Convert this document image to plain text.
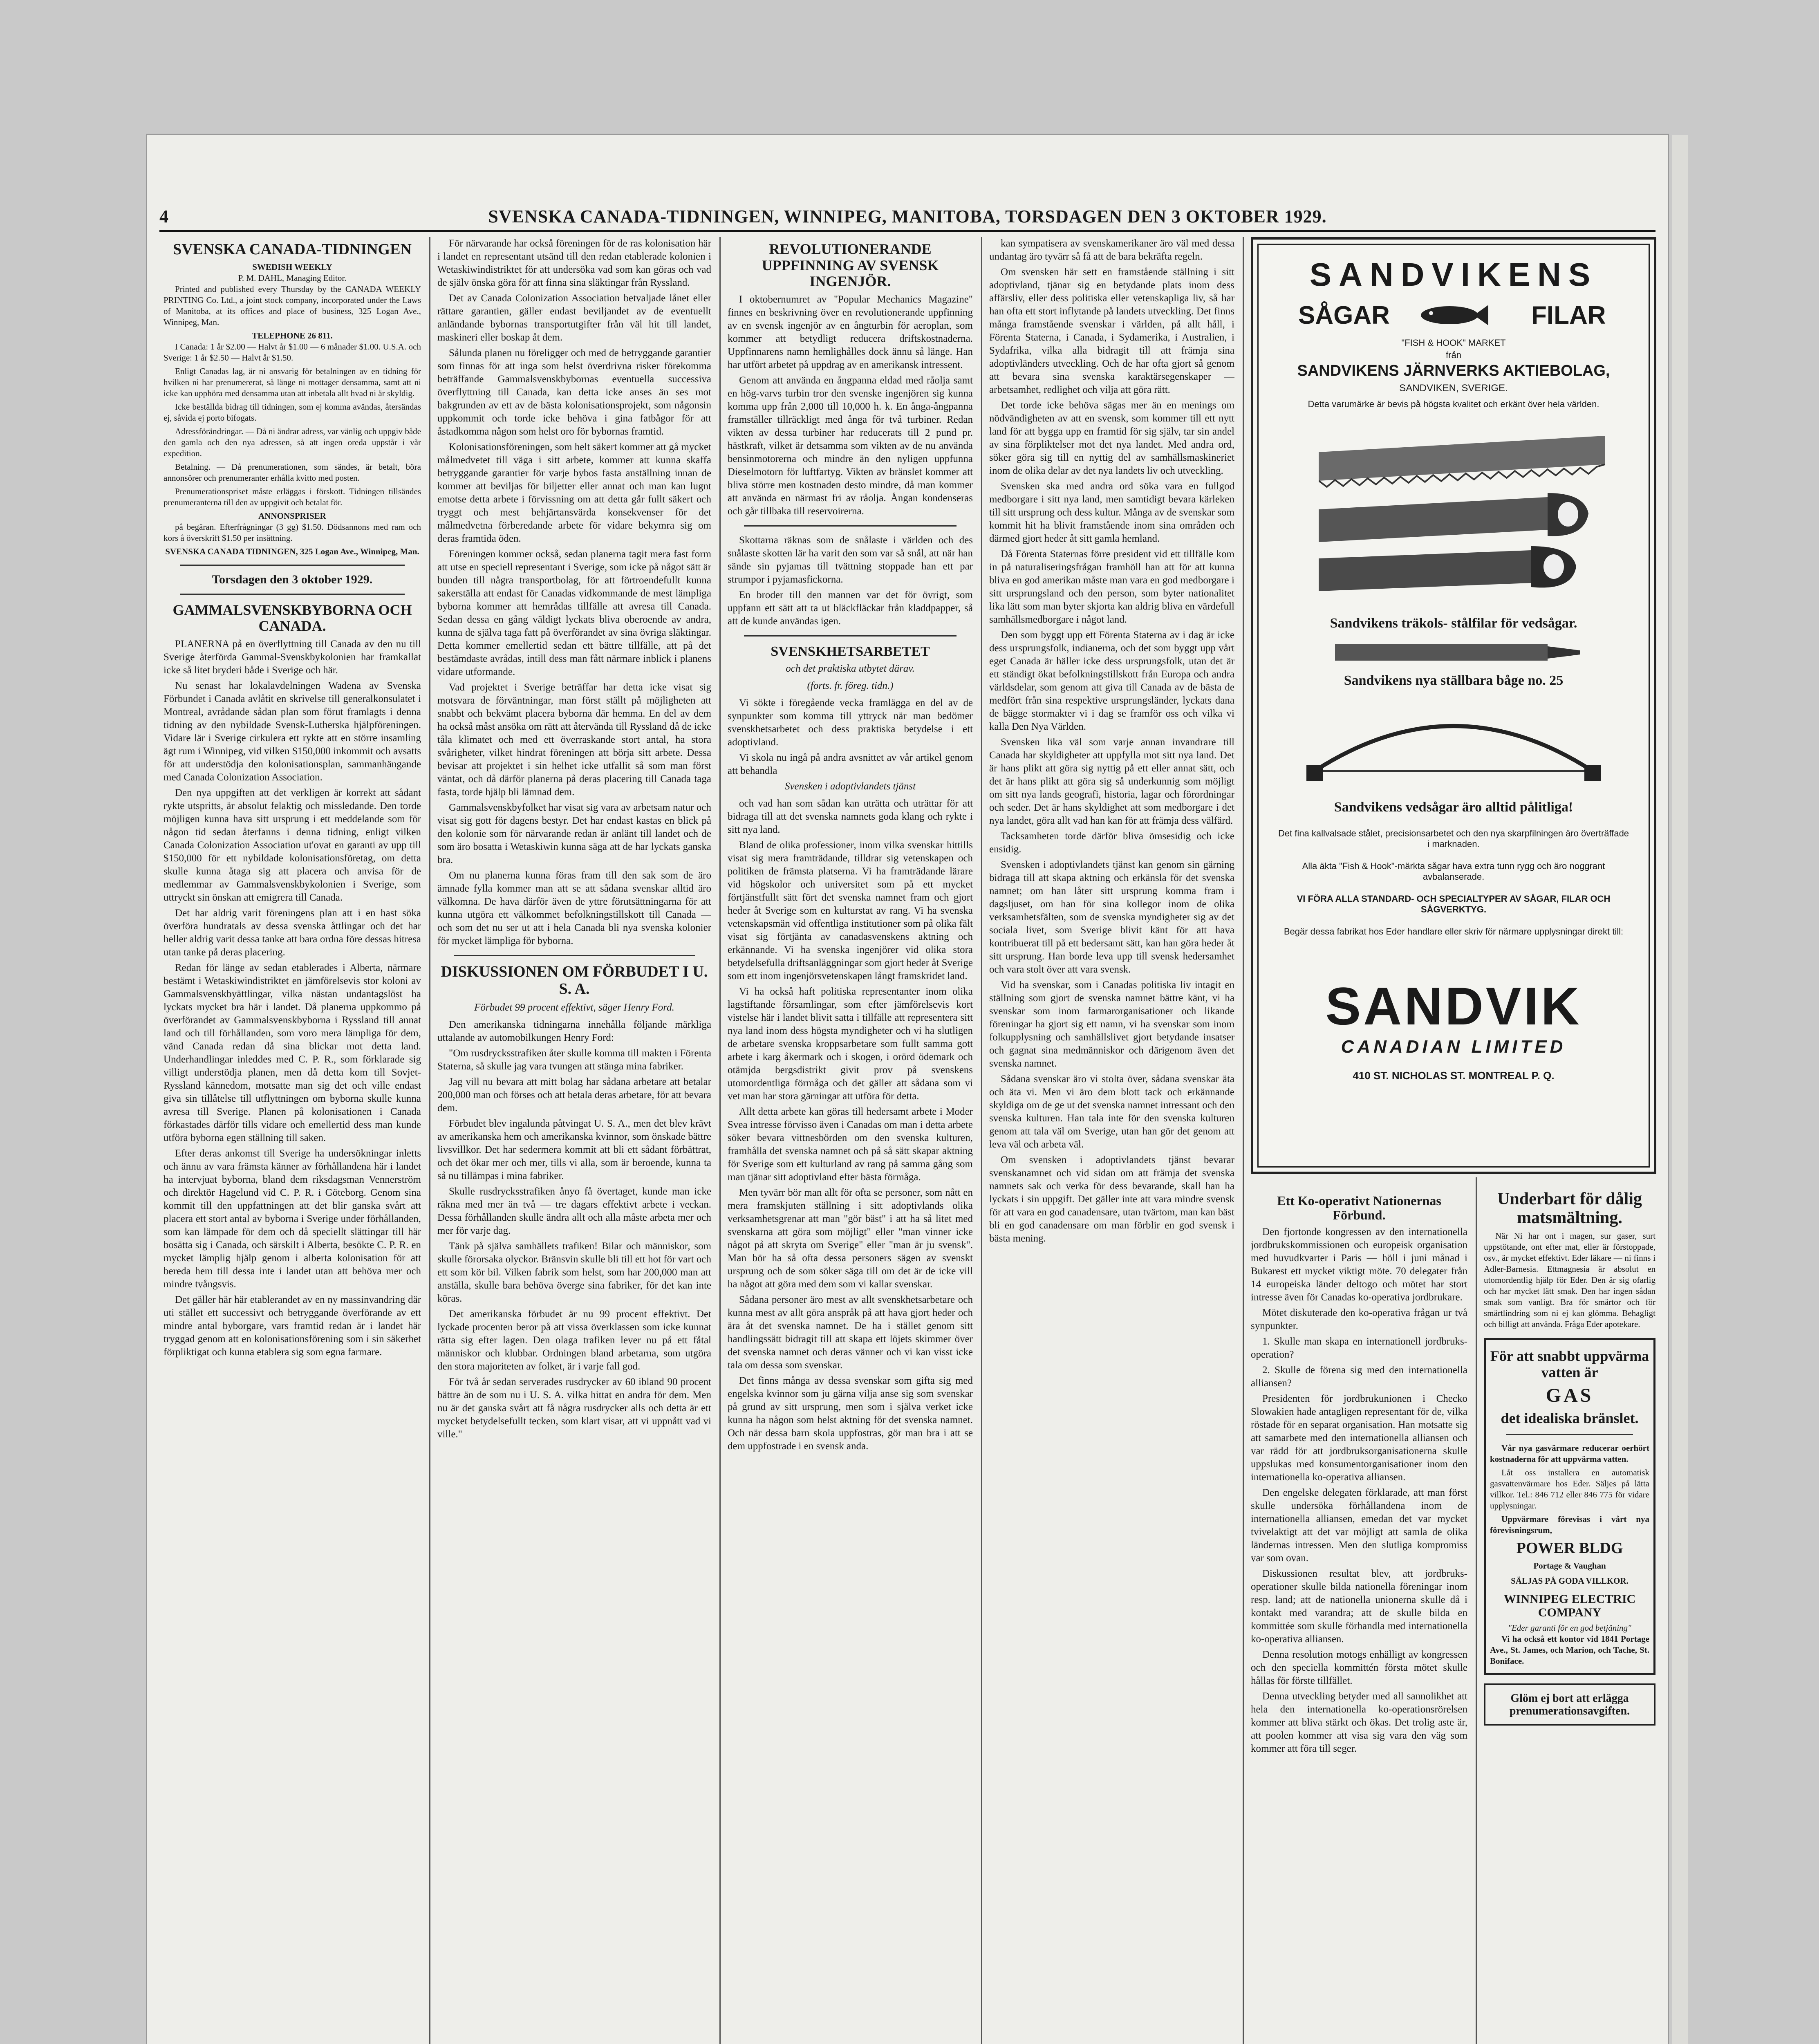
4	SVENSKA CANADA-TIDNINGEN, WINNIPEG, MANITOBA, TORSDAGEN DEN 3 OKTOBER 1929.
SVENSKA CANADA-TIDNINGEN
SWEDISH WEEKLY
P. M. DAHL, Managing Editor.

Printed and published every Thursday by the CANADA WEEKLY PRINTING Co. Ltd., a joint stock company, incorporated under the Laws of Manitoba, at its offices and place of business, 325 Logan Ave., Winnipeg, Man.

TELEPHONE 26 811.

I Canada: 1 år $2.00 — Halvt år $1.00 — 6 månader $1.00. U.S.A. och Sverige: 1 år $2.50 — Halvt år $1.50.

Enligt Canadas lag, är ni ansvarig för betalningen av en tidning för hvilken ni har prenumererat, så länge ni mottager densamma, samt att ni icke kan upphöra med densamma utan att inbetala allt hvad ni är skyldig.

Icke beställda bidrag till tidningen, som ej komma avändas, återsändas ej, såvida ej porto bifogats.

Adressförändringar. — Då ni ändrar adress, var vänlig och uppgiv både den gamla och den nya adressen, så att ingen oreda uppstår i vår expedition.

Betalning. — Då prenumerationen, som sändes, är betalt, böra annonsörer och prenumeranter erhålla kvitto med posten.

Prenumerationspriset måste erläggas i förskott. Tidningen tillsändes prenumeranterna till den av uppgivit och betalat för.

ANNONSPRISER

på begäran. Efterfrågningar (3 gg) $1.50. Dödsannons med ram och kors å överskrift $1.50 per insättning.

SVENSKA CANADA TIDNINGEN, 325 Logan Ave., Winnipeg, Man.
Torsdagen den 3 oktober 1929.
GAMMALSVENSKBYBORNA OCH CANADA.

PLANERNA på en överflyttning till Canada av den nu till Sverige återförda Gammal-Svenskbykolonien har framkallat icke så litet bryderi både i Sverige och här.

Nu senast har lokalavdelningen Wadena av Svenska Förbundet i Canada avlåtit en skrivelse till generalkonsulatet i Montreal, avrådande sådan plan som förut framlagts i denna tidning av den nybildade Svensk-Lutherska hjälpföreningen. Vidare lär i Sverige cirkulera ett rykte att en större insamling ägt rum i Winnipeg, vid vilken $150,000 inkommit och avsatts för att understödja den kolonisationsplan, sammanhängande med Canada Colonization Association.

Den nya uppgiften att det verkligen är korrekt att sådant rykte utspritts, är absolut felaktig och missledande. Den torde möjligen kunna hava sitt ursprung i ett meddelande som för någon tid sedan återfanns i denna tidning, enligt vilken Canada Colonization Association ut'ovat en garanti av upp till $150,000 för ett nybildade kolonisationsföretag, om detta skulle kunna åtaga sig att placera och anvisa för de medlemmar av Gammalsvenskbykolonien i Sverige, som uttryckt sin önskan att emigrera till Canada.

Det har aldrig varit föreningens plan att i en hast söka överföra hundratals av dessa svenska åttlingar och det har heller aldrig varit dessa tanke att bara ordna före dessas hitresa utan tanke på deras placering.

Redan för länge av sedan etablerades i Alberta, närmare bestämt i Wetaskiwindistriktet en jämförelsevis stor koloni av Gammalsvenskbyättlingar, vilka nästan undantagslöst ha lyckats mycket bra här i landet. Då planerna uppkommo på överförandet av Gammalsvenskbyborna i Ryssland till annat land och till förhållanden, som voro mera lämpliga för dem, vänd Canada redan då sina blickar mot detta land. Underhandlingar inleddes med C. P. R., som förklarade sig villigt understödja planen, men då detta kom till Sovjet-Ryssland kännedom, motsatte man sig det och ville endast giva sin tillåtelse till utflyttningen om byborna skulle kunna avresa till Sverige. Planen på kolonisationen i Canada förkastades därför tills vidare och emellertid dess man kunde utföra byborna egen ställning till saken.

Efter deras ankomst till Sverige ha undersökningar inletts och ännu av vara främsta känner av förhållandena här i landet ha intervjuat byborna, bland dem riksdagsman Vennerström och direktör Hagelund vid C. P. R. i Göteborg. Genom sina kommit till den uppfattningen att det blir ganska svårt att placera ett stort antal av byborna i Sverige under förhållanden, som kan lämpade för dem och då speciellt slättingar till här bosätta sig i Canada, och särskilt i Alberta, besökte C. P. R. en mycket lämplig hjälp genom i alberta kolonisation för att bereda hem till dessa inte i landet utan att behöva mer och mindre tvångsvis.

Det gäller här här etablerandet av en ny massinvandring där uti stället ett successivt och betryggande överförande av ett mindre antal byborgare, vars framtid redan är i landet här tryggad genom att en kolonisationsförening som i sin säkerhet förpliktigat och kunna etablera sig som egna farmare.

För närvarande har också föreningen för de ras kolonisation här i landet en representant utsänd till den redan etablerade kolonien i Wetaskiwindistriktet för att undersöka vad som kan göras och vad de själv önska göra för att finna sina släktingar från Ryssland.

Det av Canada Colonization Association betvaljade lånet eller rättare garantien, gäller endast beviljandet av de eventuellt anländande bybornas transportutgifter från väl hit till landet, maskineri eller boskap åt dem.

Sålunda planen nu föreligger och med de betryggande garantier som finnas för att inga som helst överdrivna risker förekomma beträffande Gammalsvenskbybornas eventuella successiva överflyttning till Canada, kan detta icke anses än ses mot bakgrunden av ett av de bästa kolonisationsprojekt, som någonsin uppkommit och torde icke behöva i gina fatbågor för att åstadkomma någon som helst oro för bybornas framtid.

Kolonisationsföreningen, som helt säkert kommer att gå mycket målmedvetet till väga i sitt arbete, kommer att kunna skaffa betryggande garantier för varje bybos fasta anställning innan de kommer att beviljas för biljetter eller annat och man kan lugnt emotse detta arbete i förvissning om att detta går fullt säkert och tryggt och mest behjärtansvärda konsekvenser för det målmedvetna förberedande arbete för vidare bekymra sig om deras framtida öden.

Föreningen kommer också, sedan planerna tagit mera fast form att utse en speciell representant i Sverige, som icke på något sätt är bunden till några transportbolag, för att förtroendefullt kunna sakerställa att endast för Canadas vidkommande de mest lämpliga byborna kommer att hemrådas tillfälle att avresa till Canada. Sedan dessa en gång väldigt lyckats bliva oberoende av andra, kunna de själva taga fatt på överförandet av sina övriga släktingar. Detta kommer emellertid sedan ett bättre tillfälle, att på det bestämdaste avrådas, intill dess man fått närmare inblick i planens vidare utformande.

Vad projektet i Sverige beträffar har detta icke visat sig motsvara de förväntningar, man först ställt på möjligheten att snabbt och bekvämt placera byborna där hemma. En del av dem ha också måst ansöka om rätt att återvända till Ryssland då de icke tåla klimatet och med ett överraskande stort antal, ha stora svårigheter, vilket hindrat föreningen att börja sitt arbete. Dessa bevisar att projektet i sin helhet icke utfallit så som man först väntat, och då därför planerna på deras placering till Canada taga fasta, torde hjälp bli lämnad dem.

Gammalsvenskbyfolket har visat sig vara av arbetsam natur och visat sig gott för dagens bestyr. Det har endast kastas en blick på den kolonie som för närvarande redan är anlänt till landet och de som äro bosatta i Wetaskiwin kunna säga att de har lyckats ganska bra.

Om nu planerna kunna föras fram till den sak som de äro ämnade fylla kommer man att se att sådana svenskar alltid äro välkomna. De hava därför även de yttre förutsättningarna för att kunna utgöra ett välkommet befolkningstillskott till Canada — och som det nu ser ut att i hela Canada bli nya svenska kolonier för mycket lämpliga för byborna.

DISKUSSIONEN OM FÖRBUDET I U. S. A.
Förbudet 99 procent effektivt, säger Henry Ford.

Den amerikanska tidningarna innehålla följande märkliga uttalande av automobilkungen Henry Ford:

"Om rusdrycksstrafiken åter skulle komma till makten i Förenta Staterna, så skulle jag vara tvungen att stänga mina fabriker.

Jag vill nu bevara att mitt bolag har sådana arbetare att betalar 200,000 man och förses och att betala deras arbetare, för att bevara dem.

Förbudet blev ingalunda påtvingat U. S. A., men det blev krävt av amerikanska hem och amerikanska kvinnor, som önskade bättre livsvillkor. Det har sedermera kommit att bli ett sådant förbättrat, och det ökar mer och mer, tills vi alla, som är beroende, kunna ta så nu tillämpas i mina fabriker.

Skulle rusdrycksstrafiken ånyo få övertaget, kunde man icke räkna med mer än två — tre dagars effektivt arbete i veckan. Dessa förhållanden skulle ändra allt och alla måste arbeta mer och mer för varje dag.

Tänk på själva samhällets trafiken! Bilar och människor, som skulle förorsaka olyckor. Bränsvin skulle bli till ett hot för vart och ett som kör bil. Vilken fabrik som helst, som har 200,000 man att anställa, skulle bara behöva överge sina fabriker, för det kan inte köras.

Det amerikanska förbudet är nu 99 procent effektivt. Det lyckade procenten beror på att vissa överklassen som icke kunnat rätta sig efter lagen. Den olaga trafiken lever nu på ett fåtal människor och klubbar. Ordningen bland arbetarna, som utgöra den stora majoriteten av folket, är i varje fall god.

För två år sedan serverades rusdrycker av 60 ibland 90 procent bättre än de som nu i U. S. A. vilka hittat en andra för dem. Men nu är det ganska svårt att få några rusdrycker alls och detta är ett mycket betydelsefullt tecken, som klart visar, att vi uppnått vad vi ville."

REVOLUTIONERANDE UPPFINNING AV SVENSK INGENJÖR.

I oktobernumret av "Popular Mechanics Magazine" finnes en beskrivning över en revolutionerande uppfinning av en svensk ingenjör av en ångturbin för aeroplan, som kommer att betydligt reducera driftskostnaderna. Uppfinnarens namn hemlighålles dock ännu så länge. Han har utfört arbetet på uppdrag av en amerikansk intressent.

Genom att använda en ångpanna eldad med råolja samt en hög-varvs turbin tror den svenske ingenjören sig kunna komma upp från 2,000 till 10,000 h. k. En ånga-ångpanna framställer tillräckligt med ånga för två turbiner. Redan vikten av dessa turbiner har reducerats till 2 pund pr. hästkraft, vilket är detsamma som vikten av de nu använda bensinmotorerna och mindre än den nyligen uppfunna Dieselmotorn för luftfartyg. Vikten av bränslet kommer att bliva större men kostnaden desto mindre, då man kommer att använda en närmast fri av råolja. Ångan kondenseras och går tillbaka till reservoirerna.

Skottarna räknas som de snålaste i världen och des snålaste skotten lär ha varit den som var så snål, att när han sände sin pyjamas till tvättning stoppade han ett par strumpor i pyjamasfickorna.

En broder till den mannen var det för övrigt, som uppfann ett sätt att ta ut bläckfläckar från kladdpapper, så att de kunde användas igen.

SVENSKHETSARBETET
och det praktiska utbytet därav.
(forts. fr. föreg. tidn.)

Vi sökte i föregående vecka framlägga en del av de synpunkter som komma till yttryck när man bedömer svenskhetsarbetet och dess praktiska betydelse i ett adoptivland.

Vi skola nu ingå på andra avsnittet av vår artikel genom att behandla

Svensken i adoptivlandets tjänst

och vad han som sådan kan uträtta och uträttar för att bidraga till att det svenska namnets goda klang och rykte i sitt nya land.

Bland de olika professioner, inom vilka svenskar hittills visat sig mera framträdande, tilldrar sig vetenskapen och politiken de främsta platserna. Vi ha framträdande lärare vid högskolor och universitet som på ett mycket förtjänstfullt sätt fört det svenska namnet fram och gjort heder åt Sverige som en kulturstat av rang. Vi ha svenska vetenskapsmän vid offentliga institutioner som på olika fält visat sig förtjänta av canadasvenskens aktning och erkännande. Vi ha svenska ingenjörer vid olika stora betydelsefulla driftsanläggningar som gjort heder åt Sverige som ett inom ingenjörsvetenskapen långt framskridet land.

Vi ha också haft politiska representanter inom olika lagstiftande församlingar, som efter jämförelsevis kort vistelse här i landet blivit satta i tillfälle att representera sitt nya land inom dess högsta myndigheter och vi ha slutligen de arbetare svenska kroppsarbetare som fullt samma gott arbete i karg åkermark och i skogen, i orörd ödemark och otämjda bergsdistrikt givit prov på svenskens utomordentliga förmåga och det gäller att sådana som vi vet man har stora gärningar att utföra för detta.

Allt detta arbete kan göras till hedersamt arbete i Moder Svea intresse förvisso även i Canadas om man i detta arbete söker bevara vittnesbörden om den svenska kulturen, framhålla det svenska namnet och på så sätt skapar aktning för Sverige som ett kulturland av rang på samma gång som man tjänar sitt adoptivland efter bästa förmåga.

Men tyvärr bör man allt för ofta se personer, som nått en mera framskjuten ställning i sitt adoptivlands olika verksamhetsgrenar att man "gör bäst" i att ha så litet med svenskarna att göra som möjligt" eller "man vinner icke något på att skryta om Sverige" eller "man är ju svensk". Man bör ha så ofta dessa personers sägen av svenskt ursprung och de som söker säga till om det är de icke vill ha något att göra med dem som vi kallar svenskar.

Sådana personer äro mest av allt svenskhetsarbetare och kunna mest av allt göra anspråk på att hava gjort heder och ära åt det svenska namnet. De ha i stället genom sitt handlingssätt bidragit till att skapa ett löjets skimmer över det svenska namnet och deras vänner och vi kan visst icke tala om dessa som svenskar.

Det finns många av dessa svenskar som gifta sig med engelska kvinnor som ju gärna vilja anse sig som svenskar på grund av sitt ursprung, men som i själva verket icke kunna ha någon som helst aktning för det svenska namnet. Och när dessa barn skola uppfostras, gör man bra i att se dem uppfostrade i en svensk anda.

kan sympatisera av svenskamerikaner äro väl med dessa undantag äro tyvärr så få att de bara bekräfta regeln.

Om svensken här sett en framstående ställning i sitt adoptivland, tjänar sig en betydande plats inom dess affärsliv, eller dess politiska eller vetenskapliga liv, så har han ofta ett stort inflytande på landets utveckling. Det finns många framstående svenskar i världen, på allt håll, i Förenta Staterna, i Canada, i Sydamerika, i Australien, i Sydafrika, vilka alla bidragit till att främja sina adoptivländers utveckling. Och de har ofta gjort så genom att bevara sina svenska karaktärsegenskaper — arbetsamhet, redlighet och vilja att göra rätt.

Det torde icke behöva sägas mer än en menings om nödvändigheten av att en svensk, som kommer till ett nytt land för att bygga upp en framtid för sig själv, tar sin andel av sina förpliktelser mot det nya landet. Med andra ord, söker göra sig till en nyttig del av samhällsmaskineriet inom de olika delar av det nya landets liv och utveckling.

Svensken ska med andra ord söka vara en fullgod medborgare i sitt nya land, men samtidigt bevara kärleken till sitt ursprung och dess kultur. Många av de svenskar som kommit hit ha blivit framstående inom sina områden och därmed gjort heder åt sitt gamla hemland.

Då Förenta Staternas förre president vid ett tillfälle kom in på naturaliseringsfrågan framhöll han att för att kunna bliva en god amerikan måste man vara en god medborgare i sitt ursprungsland och den person, som byter nationalitet lika lätt som man byter skjorta kan aldrig bliva en värdefull samhällsmedborgare i något land.

Den som byggt upp ett Förenta Staterna av i dag är icke dess ursprungsfolk, indianerna, och det som byggt upp vårt eget Canada är häller icke dess ursprungsfolk, utan det är ett ständigt ökat befolkningstillskott från Europa och andra världsdelar, som genom att giva till Canada av de bästa de medfört från sina respektive ursprungsländer, lyckats dana de bägge stormakter vi i dag se framför oss och vilka vi kalla Den Nya Världen.

Svensken lika väl som varje annan invandrare till Canada har skyldigheter att uppfylla mot sitt nya land. Det är hans plikt att göra sig nyttig på ett eller annat sätt, och det är hans plikt att göra sig så underkunnig som möjligt om sitt nya lands geografi, historia, lagar och förordningar och seder. Det är hans skyldighet att som medborgare i det nya landet, göra allt vad han kan för att främja dess välfärd.

Tacksamheten torde därför bliva ömsesidig och icke ensidig.

Svensken i adoptivlandets tjänst kan genom sin gärning bidraga till att skapa aktning och erkänsla för det svenska namnet; om han låter sitt ursprung komma fram i dagsljuset, om han för sina kollegor inom de olika verksamhetsfälten, som de svenska myndigheter sig av det sociala livet, som Sverige blivit känt för att hava kontribuerat till på ett bedersamt sätt, kan han göra heder åt sitt ursprung. Han borde leva upp till svensk hedersamhet och vara stolt över att vara svensk.

Vid ha svenskar, som i Canadas politiska liv intagit en ställning som gjort de svenska namnet bättre känt, vi ha svenskar som inom farmarorganisationer och likande föreningar ha gjort sig ett namn, vi ha svenskar som inom folkupplysning och samhällslivet gjort betydande insatser och gagnat sina medmänniskor och därigenom även det svenska namnet.

Sådana svenskar äro vi stolta över, sådana svenskar äta och äta vi. Men vi äro dem blott tack och erkännande skyldiga om de ge ut det svenska namnet intressant och den svenska kulturen. Han tala inte för den svenska kulturen genom att tala väl om Sverige, utan han gör det genom att leva väl och arbeta väl.

Om svensken i adoptivlandets tjänst bevarar svenskanamnet och vid sidan om att främja det svenska namnets sak och verka för dess bevarande, skall han ha lyckats i sin uppgift. Det gäller inte att vara mindre svensk för att vara en god canadensare, utan tvärtom, man kan bäst bli en god canadensare om man förblir en god svensk i bästa mening.

SANDVIKENS
SÅGAR	FILAR
"FISH & HOOK" MARKET
från
SANDVIKENS JÄRNVERKS AKTIEBOLAG,
SANDVIKEN, SVERIGE.
Detta varumärke är bevis på högsta kvalitet och erkänt över hela världen.
Sandvikens träkols- stålfilar för vedsågar.
Sandvikens nya ställbara båge no. 25
Sandvikens vedsågar äro alltid pålitliga!
Det fina kallvalsade stålet, precisionsarbetet och den nya skarpfilningen äro överträffade i marknaden.
Alla äkta "Fish & Hook"-märkta sågar hava extra tunn rygg och äro noggrant avbalanserade.
VI FÖRA ALLA STANDARD- OCH SPECIALTYPER AV SÅGAR, FILAR OCH SÅGVERKTYG.
Begär dessa fabrikat hos Eder handlare eller skriv för närmare upplysningar direkt till:
SANDVIK
CANADIAN LIMITED
410 ST. NICHOLAS ST. MONTREAL P. Q.
Ett Ko-operativt Nationernas Förbund.

Den fjortonde kongressen av den internationella jordbrukskommissionen och europeisk organisation med huvudkvarter i Paris — höll i juni månad i Bukarest ett mycket viktigt möte. 70 delegater från 14 europeiska länder deltogo och mötet har stort intresse även för Canadas ko-operativa jordbrukare.

Mötet diskuterade den ko-operativa frågan ur två synpunkter.

1. Skulle man skapa en internationell jordbruks-operation?

2. Skulle de förena sig med den internationella alliansen?

Presidenten för jordbrukunionen i Checko Slowakien hade antagligen representant för de, vilka röstade för en separat organisation. Han motsatte sig att samarbete med den internationella alliansen och var rädd för att jordbruksorganisationerna skulle uppslukas med konsumentorganisationer inom den internationella ko-operativa alliansen.

Den engelske delegaten förklarade, att man först skulle undersöka förhållandena inom de internationella alliansen, emedan det var mycket tvivelaktigt att det var möjligt att samla de olika ländernas intressen. Men den slutliga kompromiss var som ovan.

Diskussionen resultat blev, att jordbruks-operationer skulle bilda nationella föreningar inom resp. land; att de nationella unionerna skulle då i kontakt med varandra; att de skulle bilda en kommittée som skulle förhandla med internationella ko-operativa alliansen.

Denna resolution motogs enhälligt av kongressen och den speciella kommittén första mötet skulle hållas för förste tillfället.

Denna utveckling betyder med all sannolikhet att hela den internationella ko-operationsrörelsen kommer att bliva stärkt och ökas. Det trolig aste är, att poolen kommer att visa sig vara den väg som kommer att föra till seger.

Underbart för dålig matsmältning.

När Ni har ont i magen, sur gaser, surt uppstötande, ont efter mat, eller är förstoppade, osv., är mycket effektivt. Eder läkare — ni finns i Adler-Barnesia. Ettmagnesia är absolut en utomordentlig hjälp för Eder. Den är sig ofarlig och har mycket lätt smak. Den har ingen sådan smak som vanligt. Bra för smärtor och för smärtlindring som ni ej kan glömma. Behagligt och billigt att använda. Fråga Eder apotekare.

För att snabbt uppvärma vatten är
GAS
det idealiska bränslet.

Vår nya gasvärmare reducerar oerhört kostnaderna för att uppvärma vatten.

Låt oss installera en automatisk gasvattenvärmare hos Eder. Säljes på lätta villkor. Tel.: 846 712 eller 846 775 för vidare upplysningar.

Uppvärmare förevisas i vårt nya förevisningsrum,

POWER BLDG
Portage & Vaughan
SÄLJAS PÅ GODA VILLKOR.
WINNIPEG ELECTRIC COMPANY
"Eder garanti för en god betjäning"

Vi ha också ett kontor vid 1841 Portage Ave., St. James, och Marion, och Tache, St. Boniface.

Glöm ej bort att erlägga prenumerationsavgiften.
